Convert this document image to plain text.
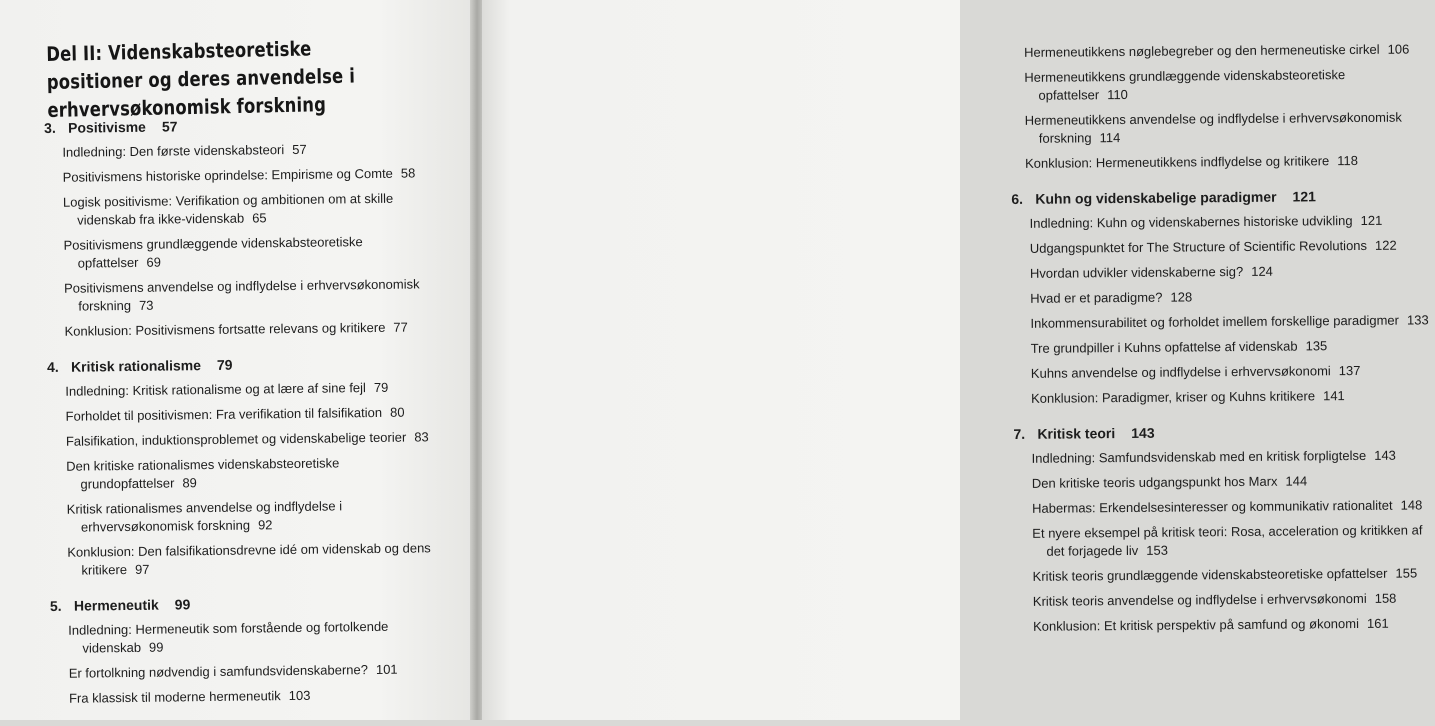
Del II: Videnskabsteoretiske positioner og deres anvendelse i erhvervsøkonomisk forskning
3. Positivisme 57
Indledning: Den første videnskabsteori 57
Positivismens historiske oprindelse: Empirisme og Comte 58
Logisk positivisme: Verifikation og ambitionen om at skille videnskab fra ikke-videnskab 65
Positivismens grundlæggende videnskabsteoretiske opfattelser 69
Positivismens anvendelse og indflydelse i erhvervsøkonomisk forskning 73
Konklusion: Positivismens fortsatte relevans og kritikere 77
4. Kritisk rationalisme 79
Indledning: Kritisk rationalisme og at lære af sine fejl 79
Forholdet til positivismen: Fra verifikation til falsifikation 80
Falsifikation, induktionsproblemet og videnskabelige teorier 83
Den kritiske rationalismes videnskabsteoretiske grundopfattelser 89
Kritisk rationalismes anvendelse og indflydelse i erhvervsøkonomisk forskning 92
Konklusion: Den falsifikationsdrevne idé om videnskab og dens kritikere 97
5. Hermeneutik 99
Indledning: Hermeneutik som forstående og fortolkende videnskab 99
Er fortolkning nødvendig i samfundsvidenskaberne? 101
Fra klassisk til moderne hermeneutik 103
Hermeneutikkens nøglebegreber og den hermeneutiske cirkel 106
Hermeneutikkens grundlæggende videnskabsteoretiske opfattelser 110
Hermeneutikkens anvendelse og indflydelse i erhvervsøkonomisk forskning 114
Konklusion: Hermeneutikkens indflydelse og kritikere 118
6. Kuhn og videnskabelige paradigmer 121
Indledning: Kuhn og videnskabernes historiske udvikling 121
Udgangspunktet for The Structure of Scientific Revolutions 122
Hvordan udvikler videnskaberne sig? 124
Hvad er et paradigme? 128
Inkommensurabilitet og forholdet imellem forskellige paradigmer 133
Tre grundpiller i Kuhns opfattelse af videnskab 135
Kuhns anvendelse og indflydelse i erhvervsøkonomi 137
Konklusion: Paradigmer, kriser og Kuhns kritikere 141
7. Kritisk teori 143
Indledning: Samfundsvidenskab med en kritisk forpligtelse 143
Den kritiske teoris udgangspunkt hos Marx 144
Habermas: Erkendelsesinteresser og kommunikativ rationalitet 148
Et nyere eksempel på kritisk teori: Rosa, acceleration og kritikken af det forjagede liv 153
Kritisk teoris grundlæggende videnskabsteoretiske opfattelser 155
Kritisk teoris anvendelse og indflydelse i erhvervsøkonomi 158
Konklusion: Et kritisk perspektiv på samfund og økonomi 161
